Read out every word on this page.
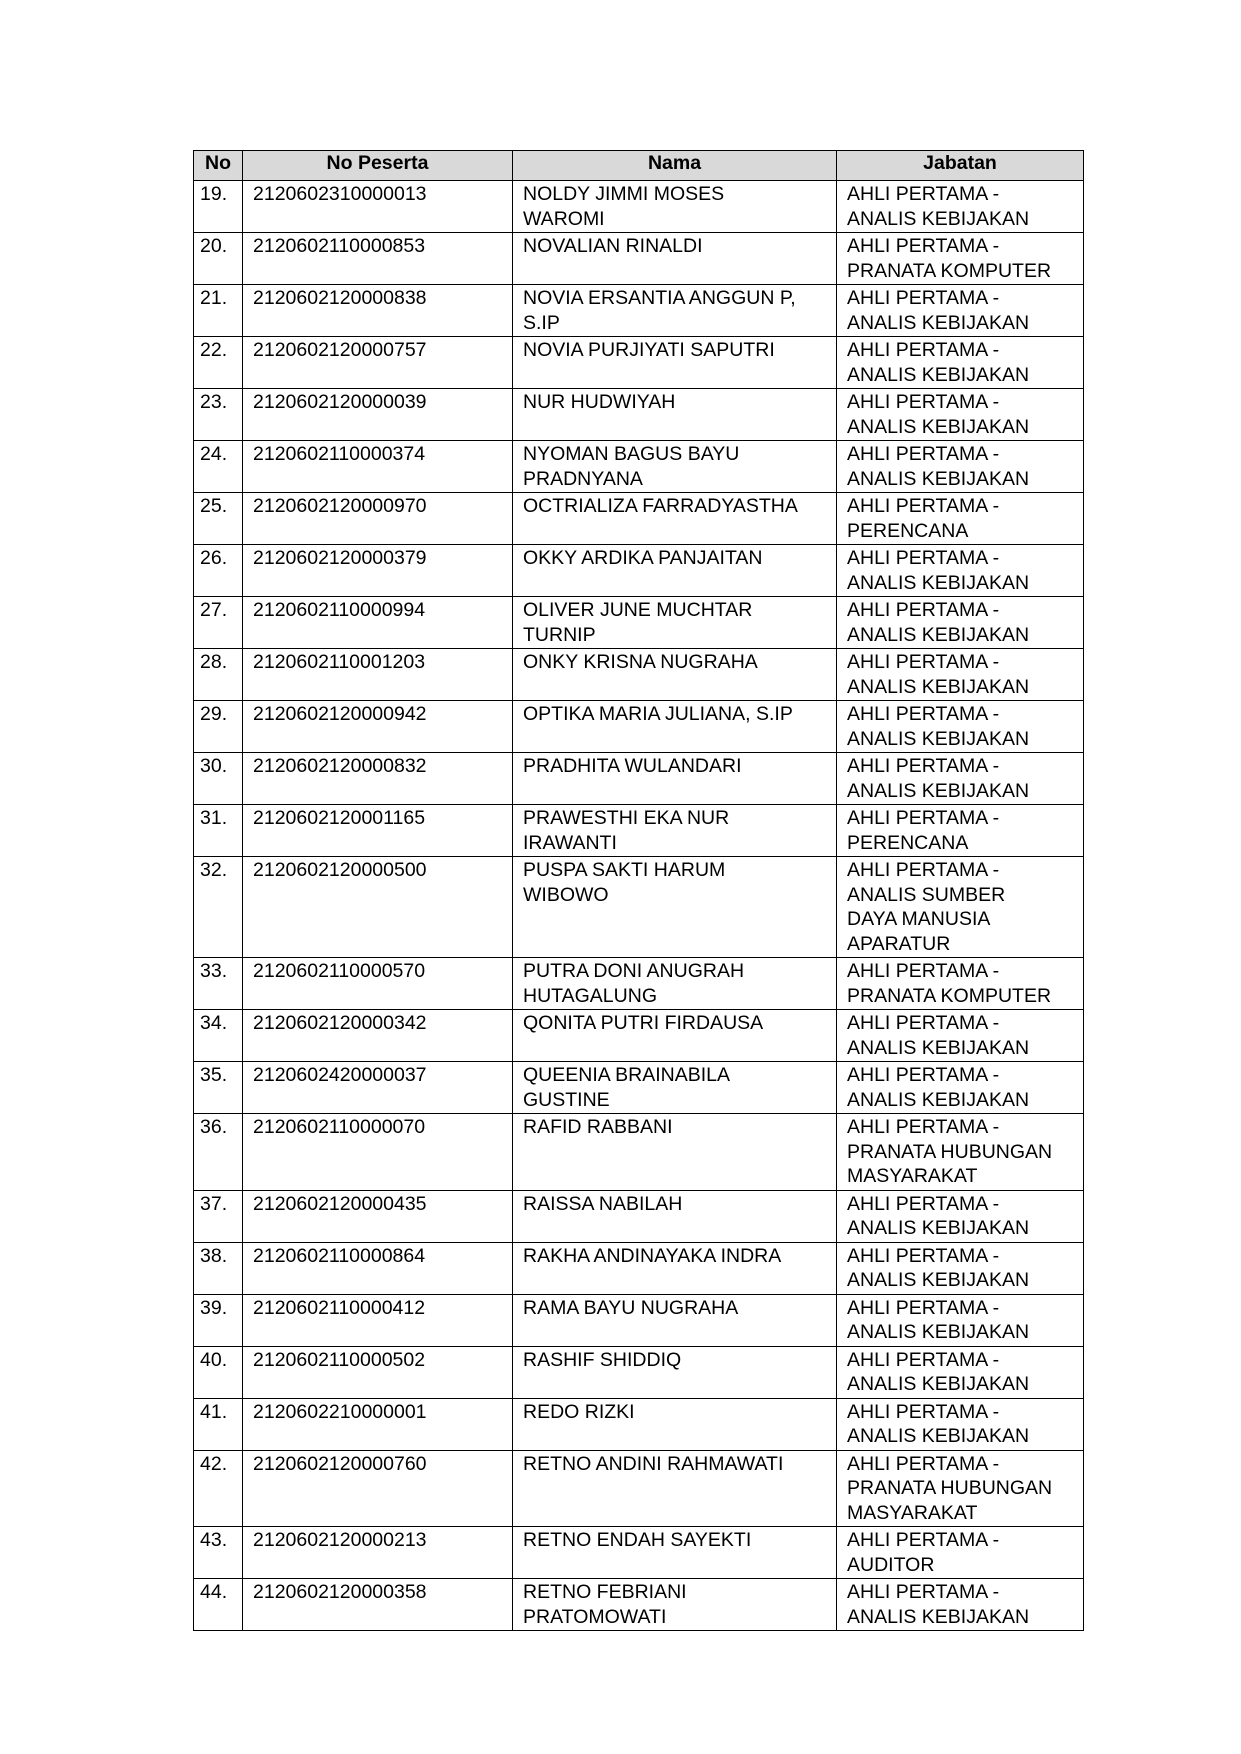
No	No Peserta	Nama	Jabatan
19.	2120602310000013	NOLDY JIMMI MOSES
WAROMI	AHLI PERTAMA -
ANALIS KEBIJAKAN
20.	2120602110000853	NOVALIAN RINALDI	AHLI PERTAMA -
PRANATA KOMPUTER
21.	2120602120000838	NOVIA ERSANTIA ANGGUN P,
S.IP	AHLI PERTAMA -
ANALIS KEBIJAKAN
22.	2120602120000757	NOVIA PURJIYATI SAPUTRI	AHLI PERTAMA -
ANALIS KEBIJAKAN
23.	2120602120000039	NUR HUDWIYAH	AHLI PERTAMA -
ANALIS KEBIJAKAN
24.	2120602110000374	NYOMAN BAGUS BAYU
PRADNYANA	AHLI PERTAMA -
ANALIS KEBIJAKAN
25.	2120602120000970	OCTRIALIZA FARRADYASTHA	AHLI PERTAMA -
PERENCANA
26.	2120602120000379	OKKY ARDIKA PANJAITAN	AHLI PERTAMA -
ANALIS KEBIJAKAN
27.	2120602110000994	OLIVER JUNE MUCHTAR
TURNIP	AHLI PERTAMA -
ANALIS KEBIJAKAN
28.	2120602110001203	ONKY KRISNA NUGRAHA	AHLI PERTAMA -
ANALIS KEBIJAKAN
29.	2120602120000942	OPTIKA MARIA JULIANA, S.IP	AHLI PERTAMA -
ANALIS KEBIJAKAN
30.	2120602120000832	PRADHITA WULANDARI	AHLI PERTAMA -
ANALIS KEBIJAKAN
31.	2120602120001165	PRAWESTHI EKA NUR
IRAWANTI	AHLI PERTAMA -
PERENCANA
32.	2120602120000500	PUSPA SAKTI HARUM
WIBOWO	AHLI PERTAMA -
ANALIS SUMBER
DAYA MANUSIA
APARATUR
33.	2120602110000570	PUTRA DONI ANUGRAH
HUTAGALUNG	AHLI PERTAMA -
PRANATA KOMPUTER
34.	2120602120000342	QONITA PUTRI FIRDAUSA	AHLI PERTAMA -
ANALIS KEBIJAKAN
35.	2120602420000037	QUEENIA BRAINABILA
GUSTINE	AHLI PERTAMA -
ANALIS KEBIJAKAN
36.	2120602110000070	RAFID RABBANI	AHLI PERTAMA -
PRANATA HUBUNGAN
MASYARAKAT
37.	2120602120000435	RAISSA NABILAH	AHLI PERTAMA -
ANALIS KEBIJAKAN
38.	2120602110000864	RAKHA ANDINAYAKA INDRA	AHLI PERTAMA -
ANALIS KEBIJAKAN
39.	2120602110000412	RAMA BAYU NUGRAHA	AHLI PERTAMA -
ANALIS KEBIJAKAN
40.	2120602110000502	RASHIF SHIDDIQ	AHLI PERTAMA -
ANALIS KEBIJAKAN
41.	2120602210000001	REDO RIZKI	AHLI PERTAMA -
ANALIS KEBIJAKAN
42.	2120602120000760	RETNO ANDINI RAHMAWATI	AHLI PERTAMA -
PRANATA HUBUNGAN
MASYARAKAT
43.	2120602120000213	RETNO ENDAH SAYEKTI	AHLI PERTAMA -
AUDITOR
44.	2120602120000358	RETNO FEBRIANI
PRATOMOWATI	AHLI PERTAMA -
ANALIS KEBIJAKAN
